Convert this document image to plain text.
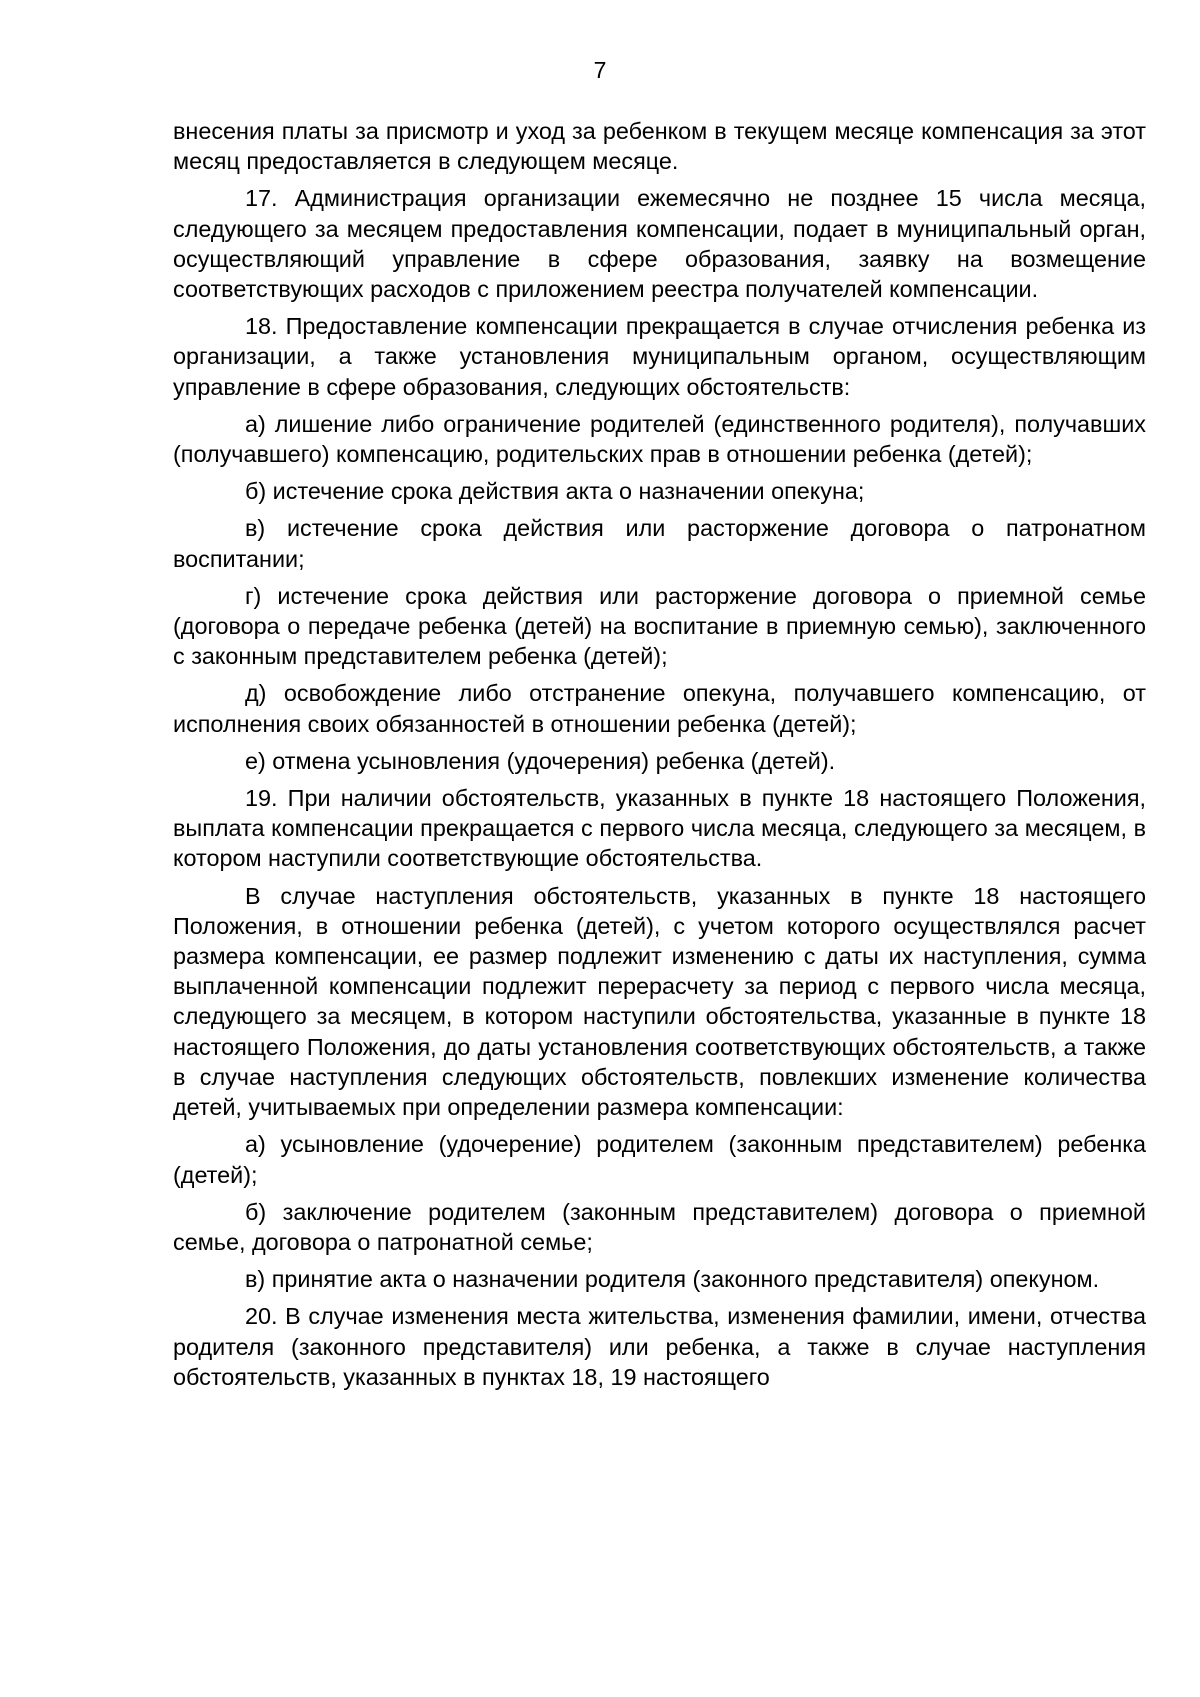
7

внесения платы за присмотр и уход за ребенком в текущем месяце компенсация за этот месяц предоставляется в следующем месяце.

17. Администрация организации ежемесячно не позднее 15 числа месяца, следующего за месяцем предоставления компенсации, подает в муниципальный орган, осуществляющий управление в сфере образования, заявку на возмещение соответствующих расходов с приложением реестра получателей компенсации.

18. Предоставление компенсации прекращается в случае отчисления ребенка из организации, а также установления муниципальным органом, осуществляющим управление в сфере образования, следующих обстоятельств:

а) лишение либо ограничение родителей (единственного родителя), получавших (получавшего) компенсацию, родительских прав в отношении ребенка (детей);

б) истечение срока действия акта о назначении опекуна;

в) истечение срока действия или расторжение договора о патронатном воспитании;

г) истечение срока действия или расторжение договора о приемной семье (договора о передаче ребенка (детей) на воспитание в приемную семью), заключенного с законным представителем ребенка (детей);

д) освобождение либо отстранение опекуна, получавшего компенсацию, от исполнения своих обязанностей в отношении ребенка (детей);

е) отмена усыновления (удочерения) ребенка (детей).

19. При наличии обстоятельств, указанных в пункте 18 настоящего Положения, выплата компенсации прекращается с первого числа месяца, следующего за месяцем, в котором наступили соответствующие обстоятельства.

В случае наступления обстоятельств, указанных в пункте 18 настоящего Положения, в отношении ребенка (детей), с учетом которого осуществлялся расчет размера компенсации, ее размер подлежит изменению с даты их наступления, сумма выплаченной компенсации подлежит перерасчету за период с первого числа месяца, следующего за месяцем, в котором наступили обстоятельства, указанные в пункте 18 настоящего Положения, до даты установления соответствующих обстоятельств, а также в случае наступления следующих обстоятельств, повлекших изменение количества детей, учитываемых при определении размера компенсации:

а) усыновление (удочерение) родителем (законным представителем) ребенка (детей);

б) заключение родителем (законным представителем) договора о приемной семье, договора о патронатной семье;

в) принятие акта о назначении родителя (законного представителя) опекуном.

20. В случае изменения места жительства, изменения фамилии, имени, отчества родителя (законного представителя) или ребенка, а также в случае наступления обстоятельств, указанных в пунктах 18, 19 настоящего
